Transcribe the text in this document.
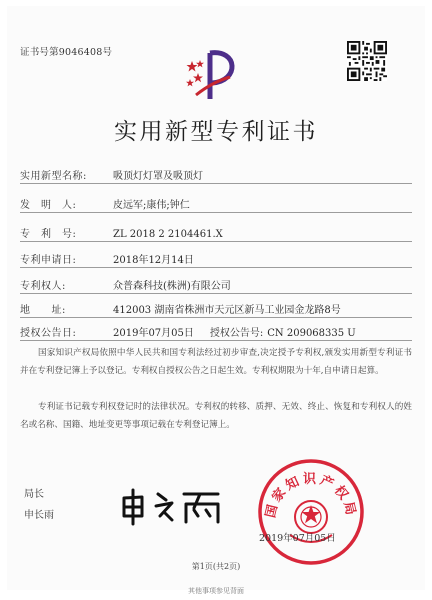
证书号第9046408号
实用新型专利证书
实用新型名称:	吸顶灯灯罩及吸顶灯
发　明　人:	皮远军;康伟;钟仁
专　利　号:	ZL 2018 2 2104461.X
专利申请日:	2018年12月14日
专利权人:	众普森科技(株洲)有限公司
地　　址:	412003 湖南省株洲市天元区新马工业园金龙路8号
授权公告日:	2019年07月05日 授权公告号: CN 209068335 U
国家知识产权局依照中华人民共和国专利法经过初步审查,决定授予专利权,颁发实用新型专利证书并在专利登记簿上予以登记。专利权自授权公告之日起生效。专利权期限为十年,自申请日起算。
专利证书记载专利权登记时的法律状况。专利权的转移、质押、无效、终止、恢复和专利权人的姓名或名称、国籍、地址变更等事项记载在专利登记簿上。
局长
申长雨	国家知识产权局
2019年07月05日
第1页(共2页)
其他事项参见背面
